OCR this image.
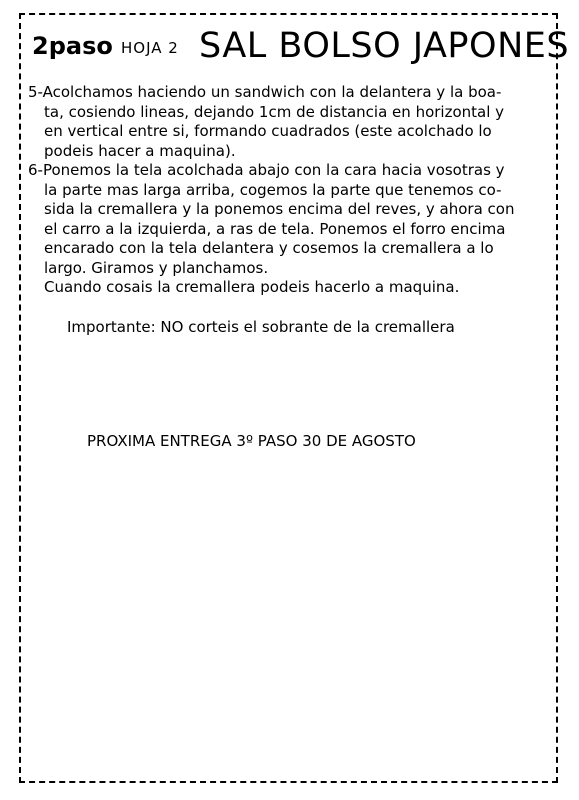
2paso HOJA 2 SAL BOLSO JAPONES
5-Acolchamos haciendo un sandwich con la delantera y la boa-
ta, cosiendo lineas, dejando 1cm de distancia en horizontal y
en vertical entre si, formando cuadrados (este acolchado lo
podeis hacer a maquina).
6-Ponemos la tela acolchada abajo con la cara hacia vosotras y
la parte mas larga arriba, cogemos la parte que tenemos co-
sida la cremallera y la ponemos encima del reves, y ahora con
el carro a la izquierda, a ras de tela. Ponemos el forro encima
encarado con la tela delantera y cosemos la cremallera a lo
largo. Giramos y planchamos.
Cuando cosais la cremallera podeis hacerlo a maquina.
Importante: NO corteis el sobrante de la cremallera
PROXIMA ENTREGA 3º PASO 30 DE AGOSTO
